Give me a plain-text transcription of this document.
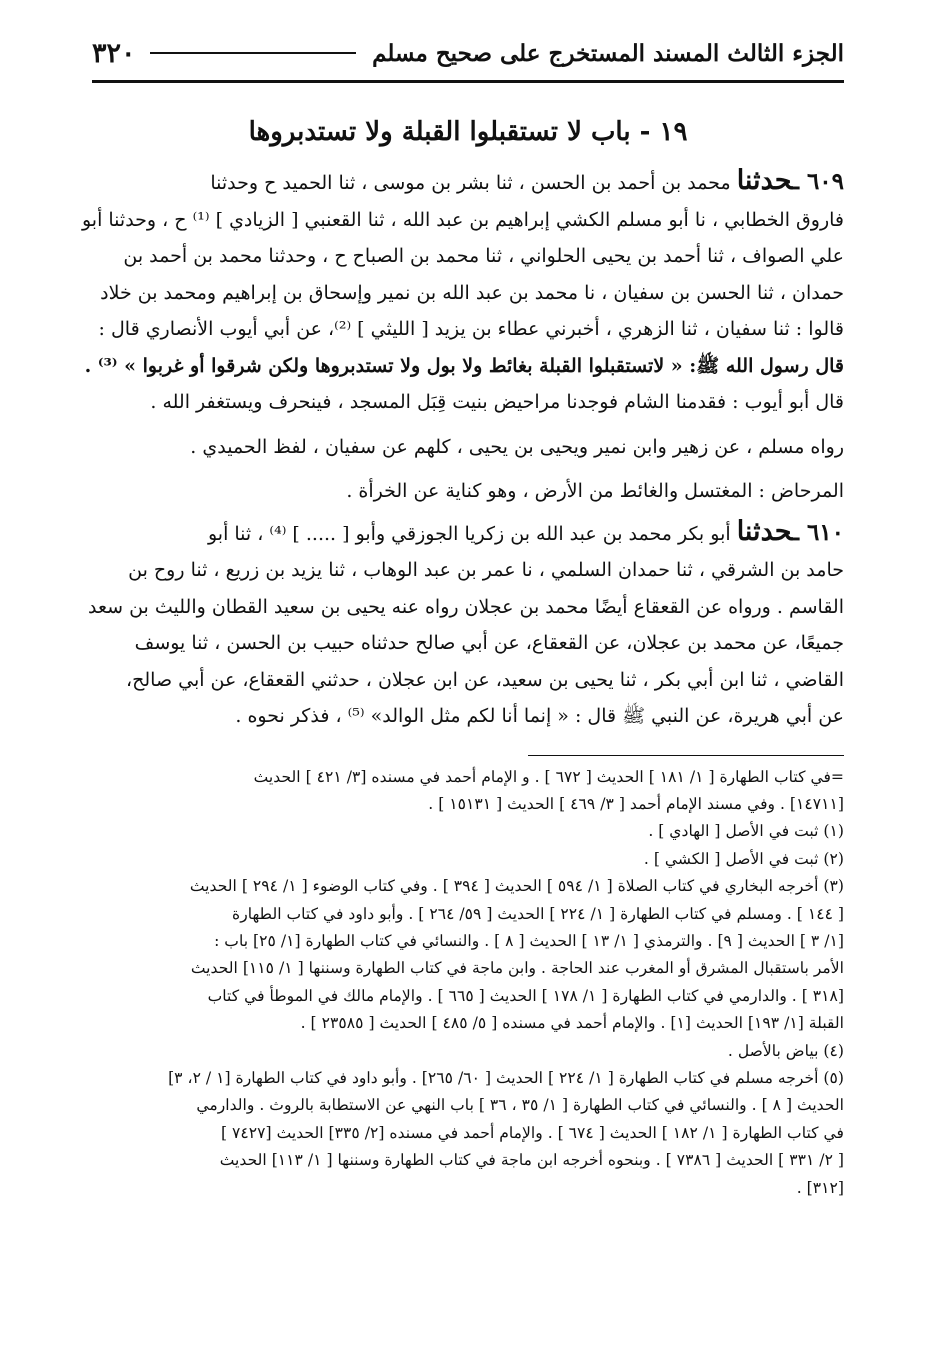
الجزء الثالث المسند المستخرج على صحيح مسلم
٣٢٠
١٩ - باب لا تستقبلوا القبلة ولا تستدبروها
٦٠٩ ـحدثنا محمد بن أحمد بن الحسن ، ثنا بشر بن موسى ، ثنا الحميد ح وحدثنا
فاروق الخطابي ، نا أبو مسلم الكشي إبراهيم بن عبد الله ، ثنا القعنبي [ الزيادي ] ⁽¹⁾ ح ، وحدثنا أبو
علي الصواف ، ثنا أحمد بن يحيى الحلواني ، ثنا محمد بن الصباح ح ، وحدثنا محمد بن أحمد بن
حمدان ، ثنا الحسن بن سفيان ، نا محمد بن عبد الله بن نمير وإسحاق بن إبراهيم ومحمد بن خلاد
قالوا : ثنا سفيان ، ثنا الزهري ، أخبرني عطاء بن يزيد [ الليثي ] ⁽²⁾، عن أبي أيوب الأنصاري قال :
قال رسول الله ﷺ: « لاتستقبلوا القبلة بغائط ولا بول ولا تستدبروها ولكن شرقوا أو غربوا » ⁽³⁾ .
قال أبو أيوب : فقدمنا الشام فوجدنا مراحيض بنيت قِبَل المسجد ، فينحرف ويستغفر الله .
رواه مسلم ، عن زهير وابن نمير ويحيى بن يحيى ، كلهم عن سفيان ، لفظ الحميدي .
المرحاض : المغتسل والغائط من الأرض ، وهو كناية عن الخرأة .
٦١٠ ـحدثنا أبو بكر محمد بن عبد الله بن زكريا الجوزقي وأبو [ ..... ] ⁽⁴⁾ ، ثنا أبو
حامد بن الشرقي ، ثنا حمدان السلمي ، نا عمر بن عبد الوهاب ، ثنا يزيد بن زريع ، ثنا روح بن
القاسم . ورواه عن القعقاع أيضًا محمد بن عجلان رواه عنه يحيى بن سعيد القطان والليث بن سعد
جميعًا، عن محمد بن عجلان، عن القعقاع، عن أبي صالح حدثناه حبيب بن الحسن ، ثنا يوسف
القاضي ، ثنا ابن أبي بكر ، ثنا يحيى بن سعيد، عن ابن عجلان ، حدثني القعقاع، عن أبي صالح،
عن أبي هريرة، عن النبي ﷺ قال : « إنما أنا لكم مثل الوالد» ⁽⁵⁾ ، فذكر نحوه .
=في كتاب الطهارة [ ١/ ١٨١ ] الحديث [ ٦٧٢ ] . و الإمام أحمد في مسنده [٣/ ٤٢١ ] الحديث
[١٤٧١١] . وفي مسند الإمام أحمد [ ٣/ ٤٦٩ ] الحديث [ ١٥١٣١ ] .
(١) ثبت في الأصل [ الهادي ] .
(٢) ثبت في الأصل [ الكشي ] .
(٣) أخرجه البخاري في كتاب الصلاة [ ١/ ٥٩٤ ] الحديث [ ٣٩٤ ] . وفي كتاب الوضوء [ ١/ ٢٩٤ ] الحديث
[ ١٤٤ ] . ومسلم في كتاب الطهارة [ ١/ ٢٢٤ ] الحديث [ ٥٩/ ٢٦٤ ] . وأبو داود في كتاب الطهارة
[١/ ٣ ] الحديث [ ٩] . والترمذي [ ١/ ١٣ ] الحديث [ ٨ ] . والنسائي في كتاب الطهارة [١/ ٢٥] باب :
الأمر باستقبال المشرق أو المغرب عند الحاجة . وابن ماجة في كتاب الطهارة وسننها [ ١/ ١١٥] الحديث
[٣١٨ ] . والدارمي في كتاب الطهارة [ ١/ ١٧٨ ] الحديث [ ٦٦٥ ] . والإمام مالك في الموطأ في كتاب
القبلة [١/ ١٩٣] الحديث [١] . والإمام أحمد في مسنده [ ٥/ ٤٨٥ ] الحديث [ ٢٣٥٨٥ ] .
(٤) بياض بالأصل .
(٥) أخرجه مسلم في كتاب الطهارة [ ١/ ٢٢٤ ] الحديث [ ٦٠/ ٢٦٥] . وأبو داود في كتاب الطهارة [١ / ٢، ٣]
الحديث [ ٨ ] . والنسائي في كتاب الطهارة [ ١/ ٣٥ ، ٣٦ ] باب النهي عن الاستطابة بالروث . والدارمي
في كتاب الطهارة [ ١/ ١٨٢ ] الحديث [ ٦٧٤ ] . والإمام أحمد في مسنده [٢/ ٣٣٥] الحديث [٧٤٢٧ ]
[ ٢/ ٣٣١ ] الحديث [ ٧٣٨٦ ] . وبنحوه أخرجه ابن ماجة في كتاب الطهارة وسننها [ ١/ ١١٣] الحديث
[٣١٢] .
